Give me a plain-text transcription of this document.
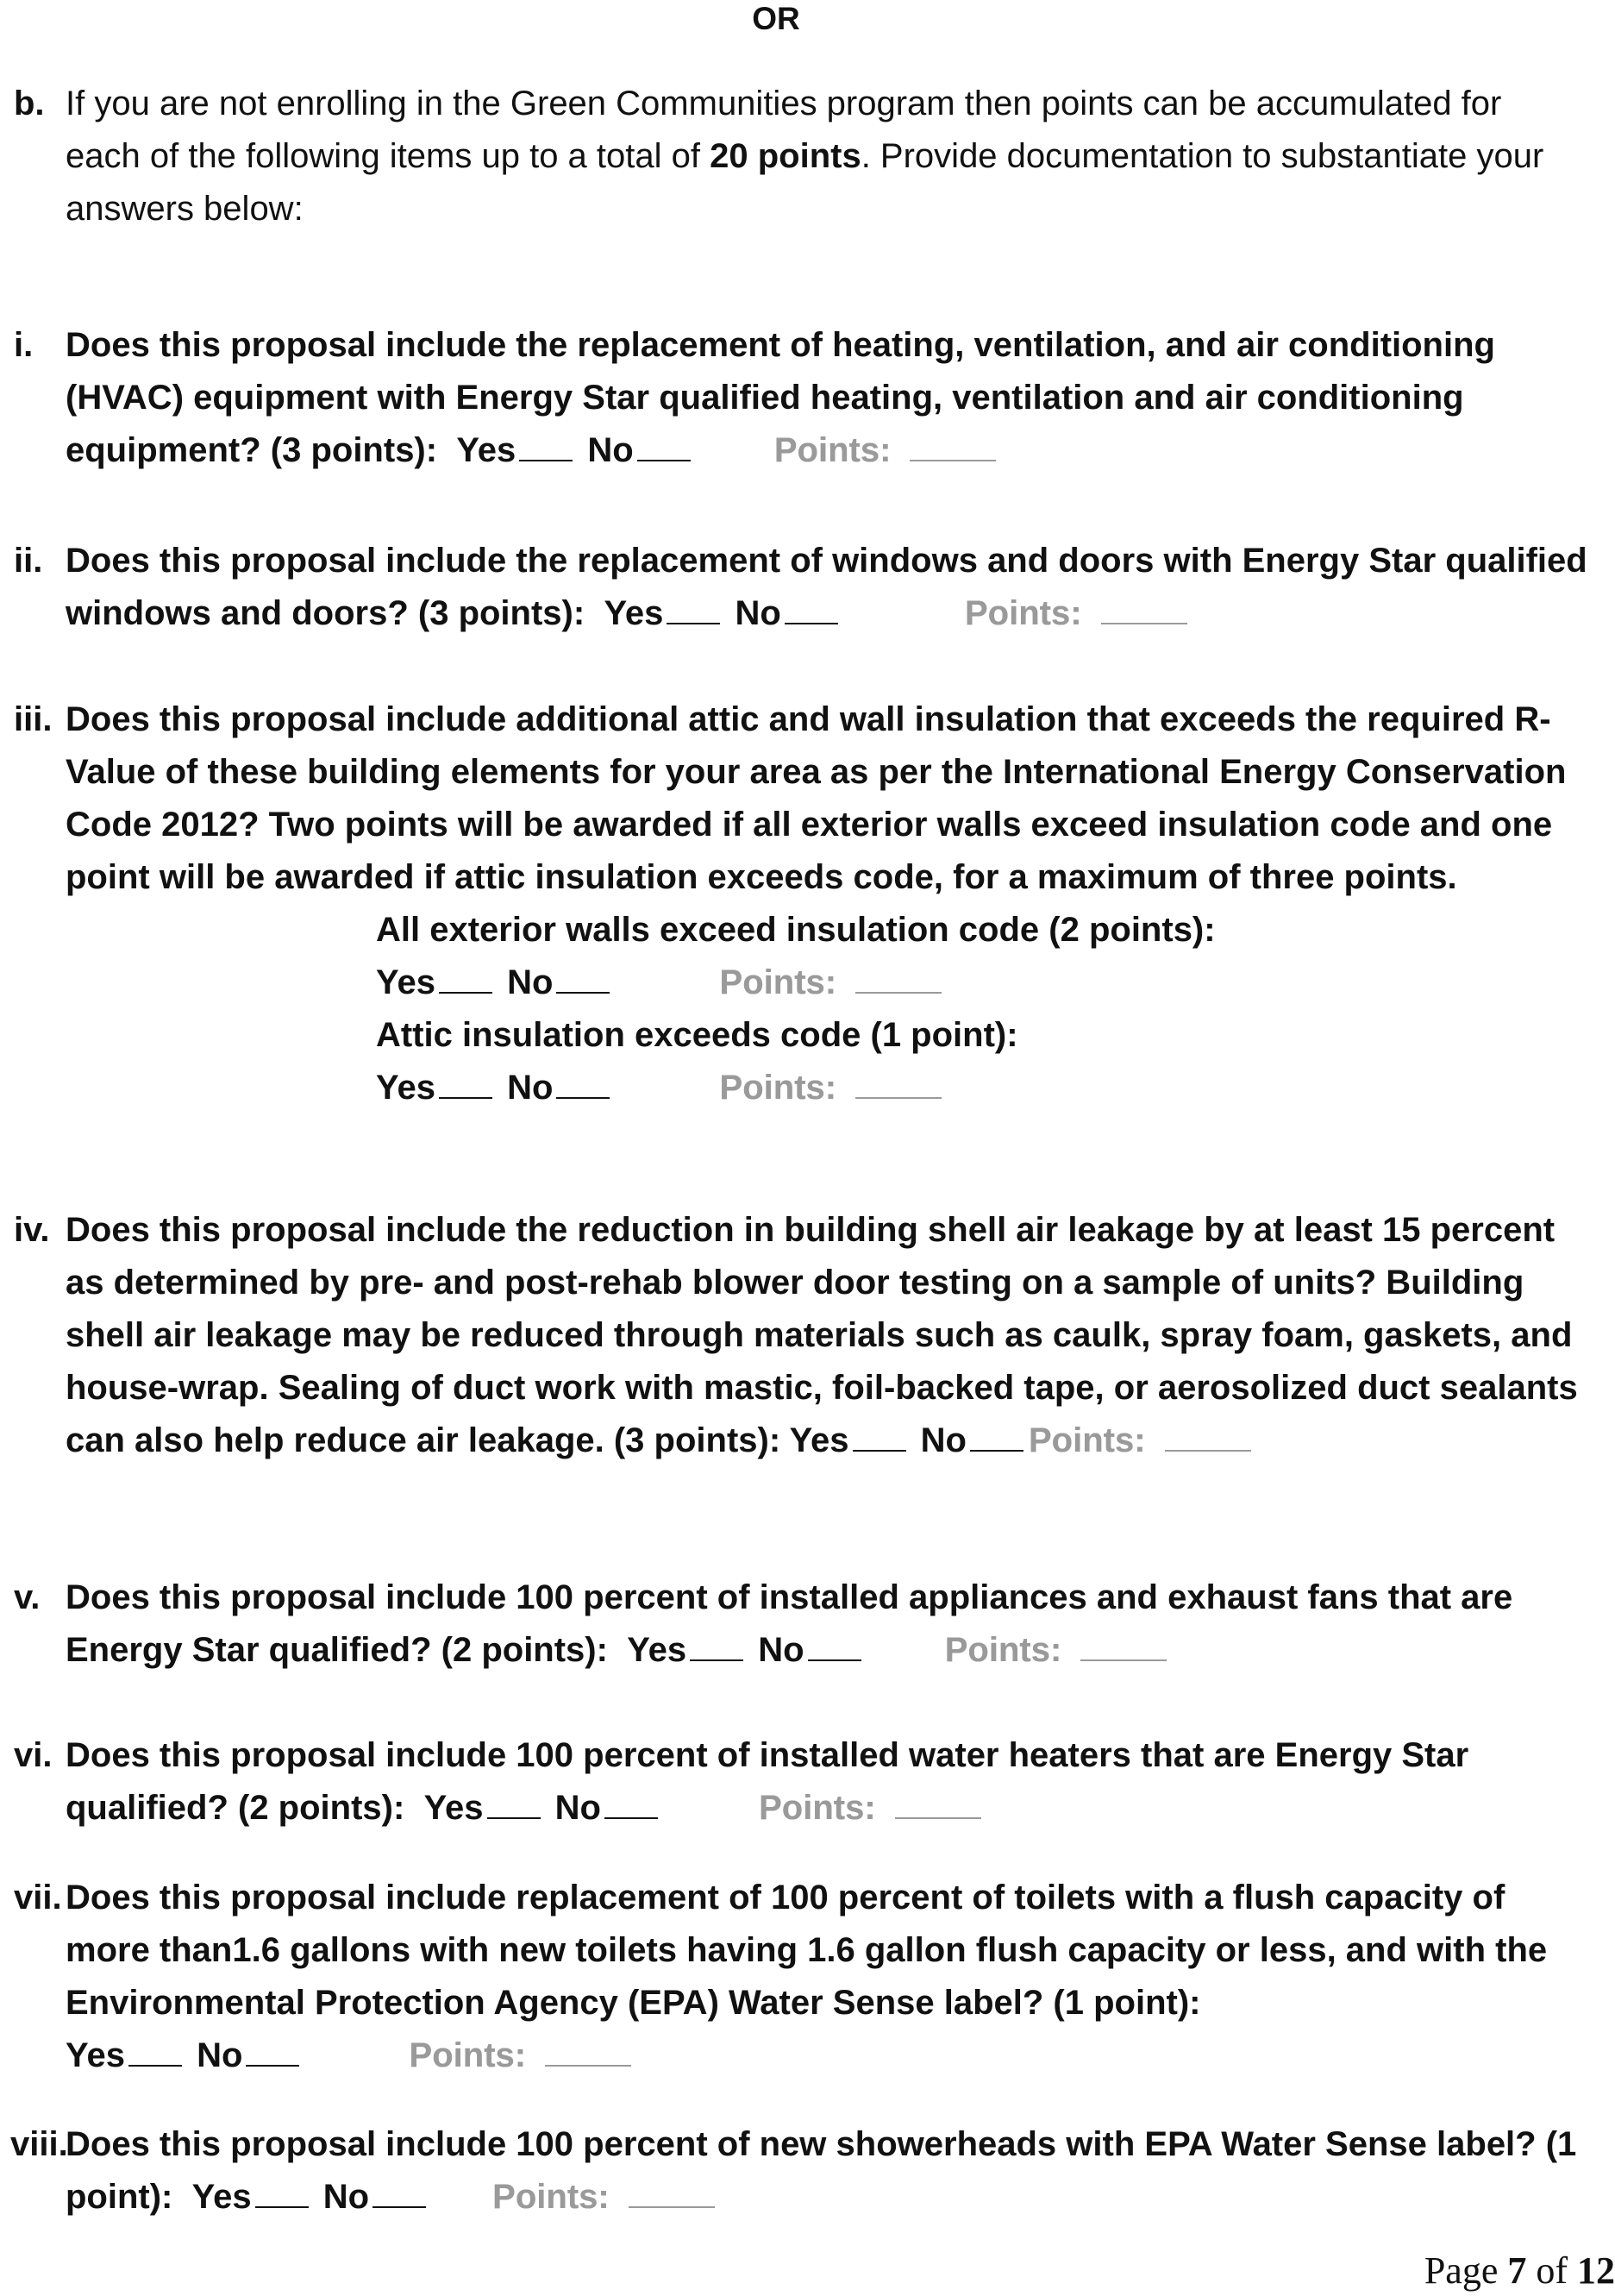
OR
b. If you are not enrolling in the Green Communities program then points can be accumulated for each of the following items up to a total of 20 points. Provide documentation to substantiate your answers below:
i. Does this proposal include the replacement of heating, ventilation, and air conditioning (HVAC) equipment with Energy Star qualified heating, ventilation and air conditioning equipment? (3 points): Yes No	Points:
ii. Does this proposal include the replacement of windows and doors with Energy Star qualified windows and doors? (3 points): Yes No	Points:
iii. Does this proposal include additional attic and wall insulation that exceeds the required R-Value of these building elements for your area as per the International Energy Conservation Code 2012? Two points will be awarded if all exterior walls exceed insulation code and one point will be awarded if attic insulation exceeds code, for a maximum of three points.
All exterior walls exceed insulation code (2 points):
Yes No	Points:
Attic insulation exceeds code (1 point):
Yes No	Points:
iv. Does this proposal include the reduction in building shell air leakage by at least 15 percent as determined by pre- and post-rehab blower door testing on a sample of units? Building shell air leakage may be reduced through materials such as caulk, spray foam, gaskets, and house-wrap. Sealing of duct work with mastic, foil-backed tape, or aerosolized duct sealants can also help reduce air leakage. (3 points): Yes No Points:
v. Does this proposal include 100 percent of installed appliances and exhaust fans that are Energy Star qualified? (2 points): Yes No	Points:
vi. Does this proposal include 100 percent of installed water heaters that are Energy Star qualified? (2 points): Yes No	Points:
vii. Does this proposal include replacement of 100 percent of toilets with a flush capacity of more than1.6 gallons with new toilets having 1.6 gallon flush capacity or less, and with the Environmental Protection Agency (EPA) Water Sense label? (1 point):
Yes No	Points:
viii.
Does this proposal include 100 percent of new showerheads with EPA Water Sense label? (1 point): Yes No	Points:
Page 7 of 12
